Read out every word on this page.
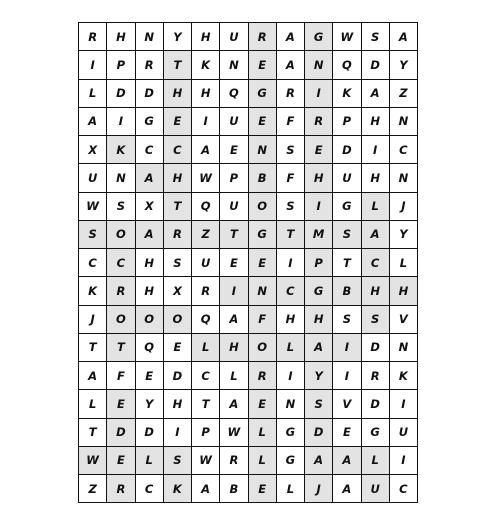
R	H	N	Y	H	U	R	A	G	W	S	A
I	P	R	T	K	N	E	A	N	Q	D	Y
L	D	D	H	H	Q	G	R	I	K	A	Z
A	I	G	E	I	U	E	F	R	P	H	N
X	K	C	C	A	E	N	S	E	D	I	C
U	N	A	H	W	P	B	F	H	U	H	N
W	S	X	T	Q	U	O	S	I	G	L	J
S	O	A	R	Z	T	G	T	M	S	A	Y
C	C	H	S	U	E	E	I	P	T	C	L
K	R	H	X	R	I	N	C	G	B	H	H
J	O	O	O	Q	A	F	H	H	S	S	V
T	T	Q	E	L	H	O	L	A	I	D	N
A	F	E	D	C	L	R	I	Y	I	R	K
L	E	Y	H	T	A	E	N	S	V	D	I
T	D	D	I	P	W	L	G	D	E	G	U
W	E	L	S	W	R	L	G	A	A	L	I
Z	R	C	K	A	B	E	L	J	A	U	C
